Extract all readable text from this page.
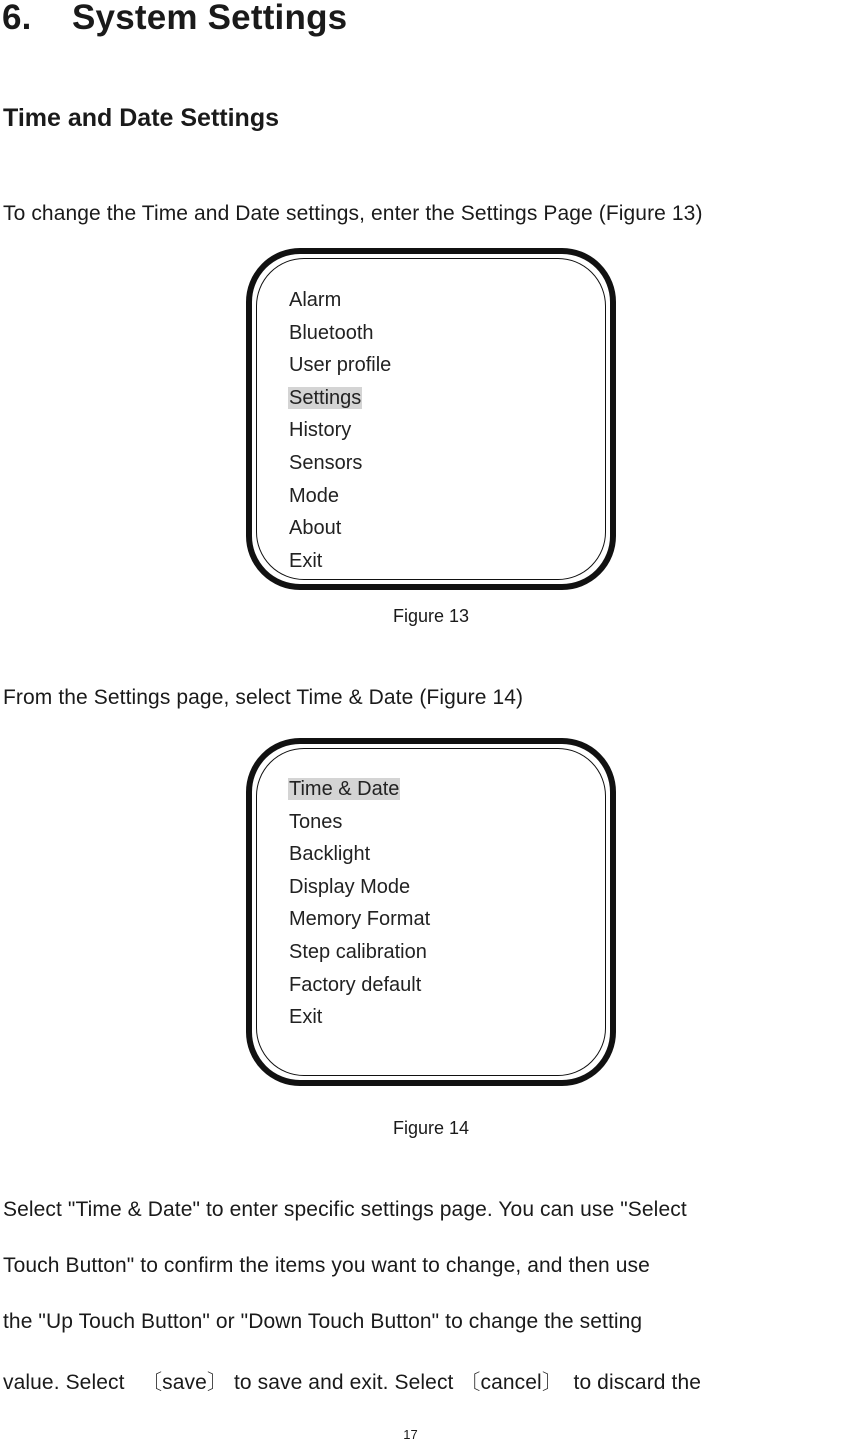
6. System Settings
Time and Date Settings
To change the Time and Date settings, enter the Settings Page (Figure 13)
Alarm
Bluetooth
User profile
Settings
History
Sensors
Mode
About
Exit
Figure 13
From the Settings page, select Time & Date (Figure 14)
Time & Date
Tones
Backlight
Display Mode
Memory Format
Step calibration
Factory default
Exit
Figure 14
Select "Time & Date" to enter specific settings page. You can use "Select
Touch Button" to confirm the items you want to change, and then use
the "Up Touch Button" or "Down Touch Button" to change the setting
value. Select 　〔save〕 to save and exit. Select 〔cancel〕　to discard the
17
